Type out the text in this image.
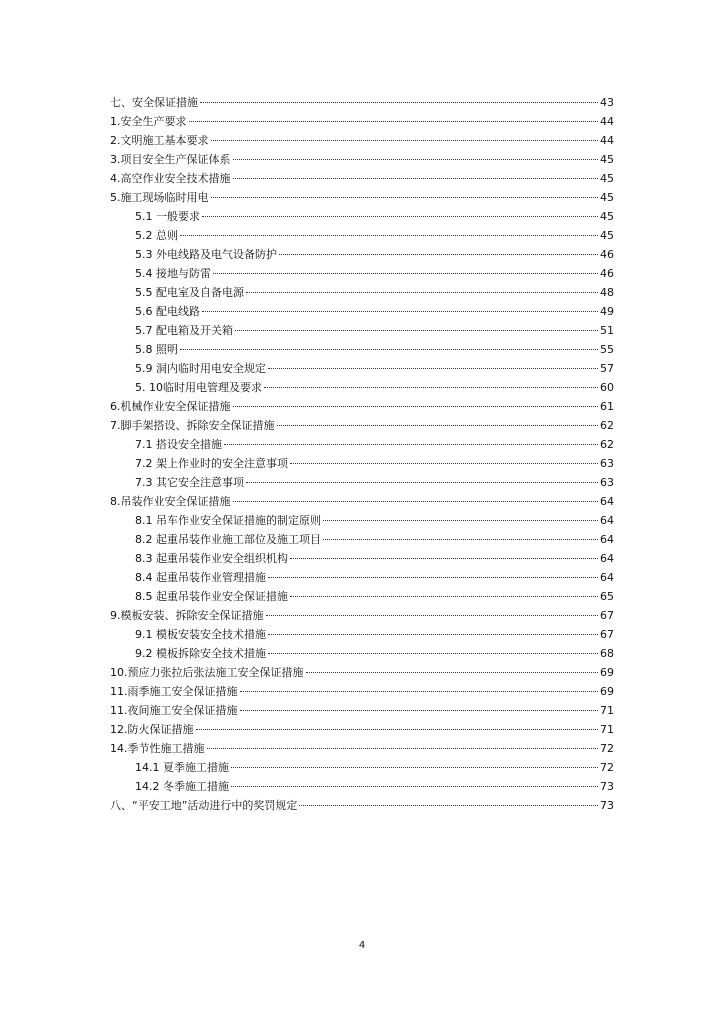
七、安全保证措施	43
1.安全生产要求	44
2.文明施工基本要求	44
3.项目安全生产保证体系	45
4.高空作业安全技术措施	45
5.施工现场临时用电	45
5.1 一般要求	45
5.2 总则	45
5.3 外电线路及电气设备防护	46
5.4 接地与防雷	46
5.5 配电室及自备电源	48
5.6 配电线路	49
5.7 配电箱及开关箱	51
5.8 照明	55
5.9 洞内临时用电安全规定	57
5. 10临时用电管理及要求	60
6.机械作业安全保证措施	61
7.脚手架搭设、拆除安全保证措施	62
7.1 搭设安全措施	62
7.2 架上作业时的安全注意事项	63
7.3 其它安全注意事项	63
8.吊装作业安全保证措施	64
8.1 吊车作业安全保证措施的制定原则	64
8.2 起重吊装作业施工部位及施工项目	64
8.3 起重吊装作业安全组织机构	64
8.4 起重吊装作业管理措施	64
8.5 起重吊装作业安全保证措施	65
9.模板安装、拆除安全保证措施	67
9.1 模板安装安全技术措施	67
9.2 模板拆除安全技术措施	68
10.预应力张拉后张法施工安全保证措施	69
11.雨季施工安全保证措施	69
11.夜间施工安全保证措施	71
12.防火保证措施	71
14.季节性施工措施	72
14.1 夏季施工措施	72
14.2 冬季施工措施	73
八、“平安工地”活动进行中的奖罚规定	73
4
